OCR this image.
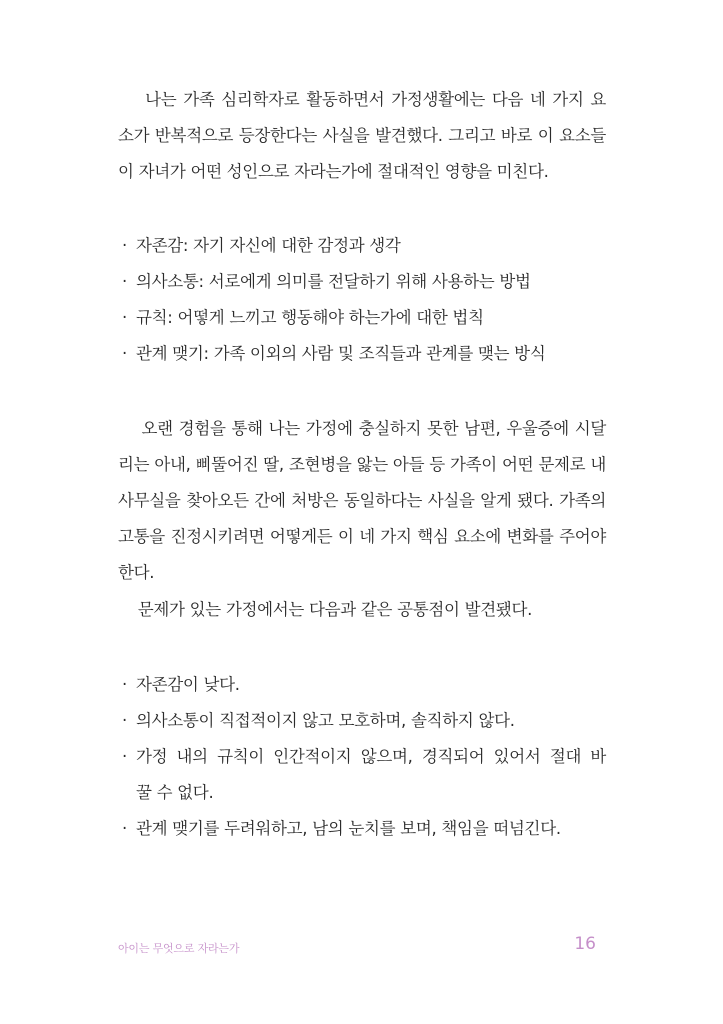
나는 가족 심리학자로 활동하면서 가정생활에는 다음 네 가지 요
소가 반복적으로 등장한다는 사실을 발견했다. 그리고 바로 이 요소들
이 자녀가 어떤 성인으로 자라는가에 절대적인 영향을 미친다.
· 자존감: 자기 자신에 대한 감정과 생각
· 의사소통: 서로에게 의미를 전달하기 위해 사용하는 방법
· 규칙: 어떻게 느끼고 행동해야 하는가에 대한 법칙
· 관계 맺기: 가족 이외의 사람 및 조직들과 관계를 맺는 방식
오랜 경험을 통해 나는 가정에 충실하지 못한 남편, 우울증에 시달
리는 아내, 삐뚤어진 딸, 조현병을 앓는 아들 등 가족이 어떤 문제로 내
사무실을 찾아오든 간에 처방은 동일하다는 사실을 알게 됐다. 가족의
고통을 진정시키려면 어떻게든 이 네 가지 핵심 요소에 변화를 주어야
한다.
문제가 있는 가정에서는 다음과 같은 공통점이 발견됐다.
· 자존감이 낮다.
· 의사소통이 직접적이지 않고 모호하며, 솔직하지 않다.
· 가정 내의 규칙이 인간적이지 않으며, 경직되어 있어서 절대 바
꿀 수 없다.
· 관계 맺기를 두려워하고, 남의 눈치를 보며, 책임을 떠넘긴다.
아이는 무엇으로 자라는가	16
